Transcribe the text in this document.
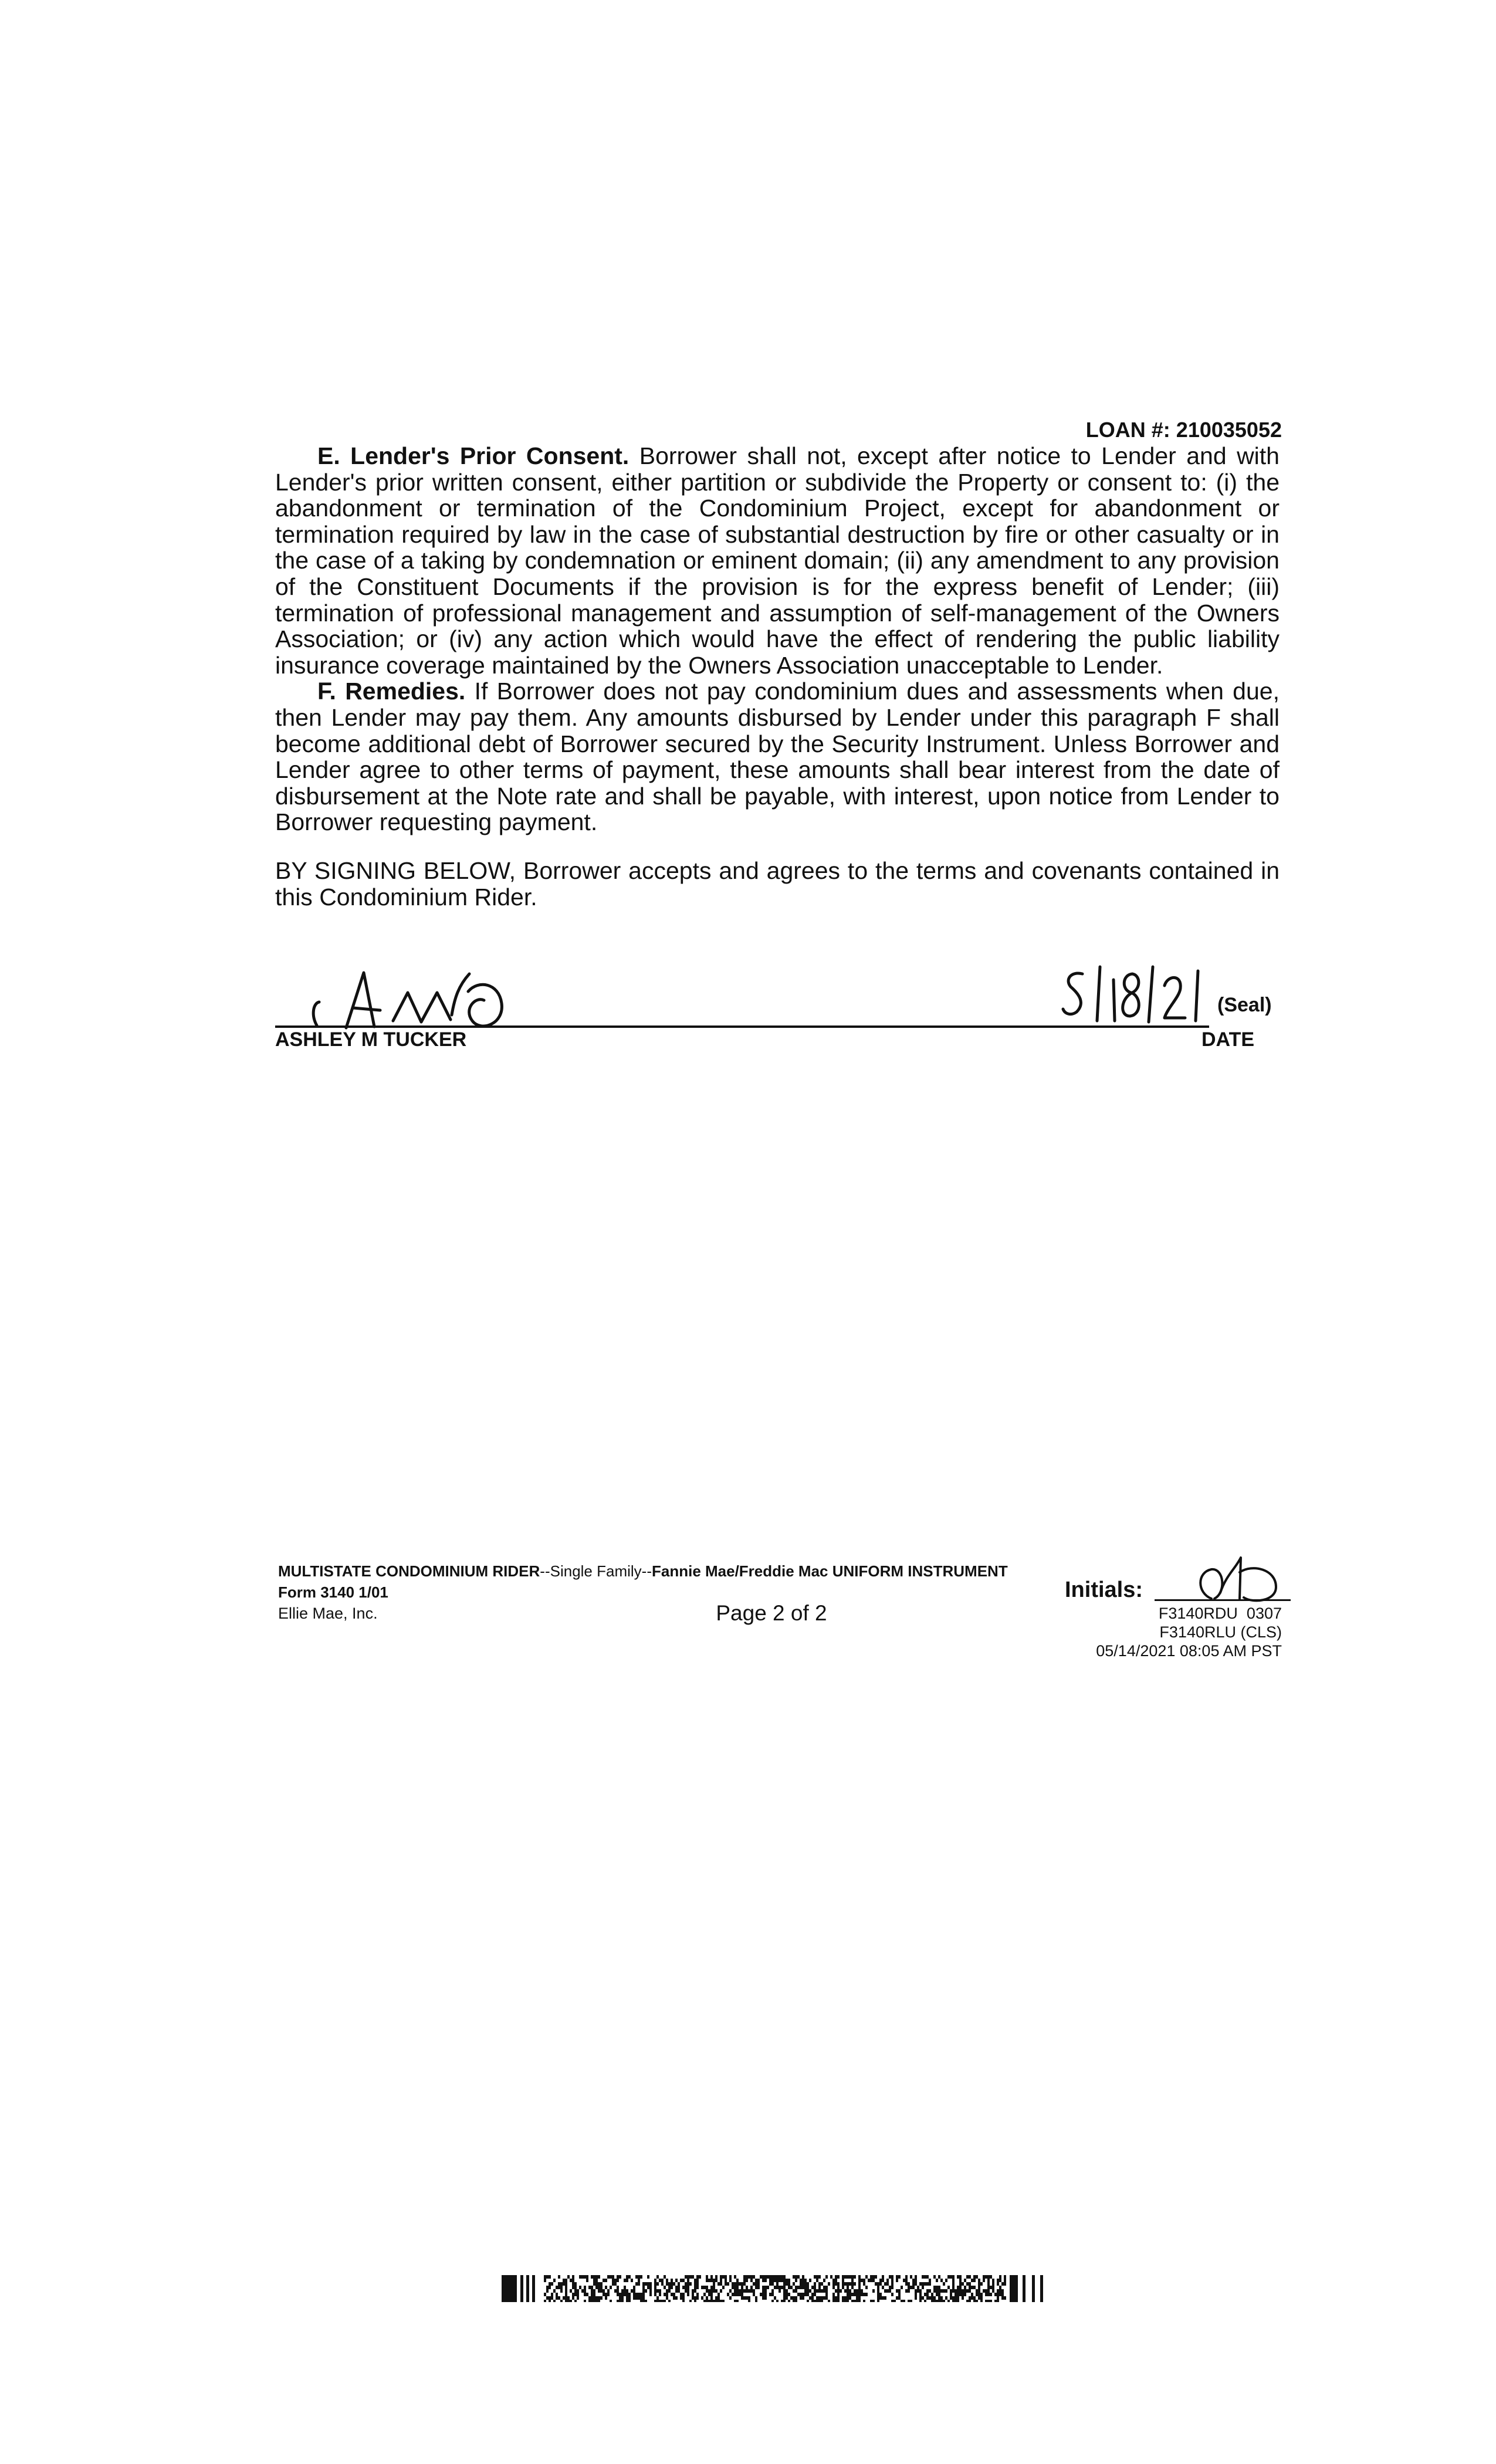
LOAN #: 210035052

E. Lender's Prior Consent. Borrower shall not, except after notice to Lender and with Lender's prior written consent, either partition or subdivide the Property or consent to: (i) the abandonment or termination of the Condominium Project, except for abandonment or termination required by law in the case of substantial destruction by fire or other casualty or in the case of a taking by condemnation or eminent domain; (ii) any amendment to any provision of the Constituent Documents if the provision is for the express benefit of Lender; (iii) termination of professional management and assumption of self-management of the Owners Association; or (iv) any action which would have the effect of rendering the public liability insurance coverage maintained by the Owners Association unacceptable to Lender.

F. Remedies. If Borrower does not pay condominium dues and assessments when due, then Lender may pay them. Any amounts disbursed by Lender under this paragraph F shall become additional debt of Borrower secured by the Security Instrument. Unless Borrower and Lender agree to other terms of payment, these amounts shall bear interest from the date of disbursement at the Note rate and shall be payable, with interest, upon notice from Lender to Borrower requesting payment.

BY SIGNING BELOW, Borrower accepts and agrees to the terms and covenants contained in this Condominium Rider.
(Seal)
ASHLEY M TUCKER	DATE
MULTISTATE CONDOMINIUM RIDER--Single Family--Fannie Mae/Freddie Mac UNIFORM INSTRUMENT
Form 3140 1/01
Ellie Mae, Inc.	Page 2 of 2
Initials:
F3140RDU  0307
F3140RLU (CLS)
05/14/2021 08:05 AM PST
